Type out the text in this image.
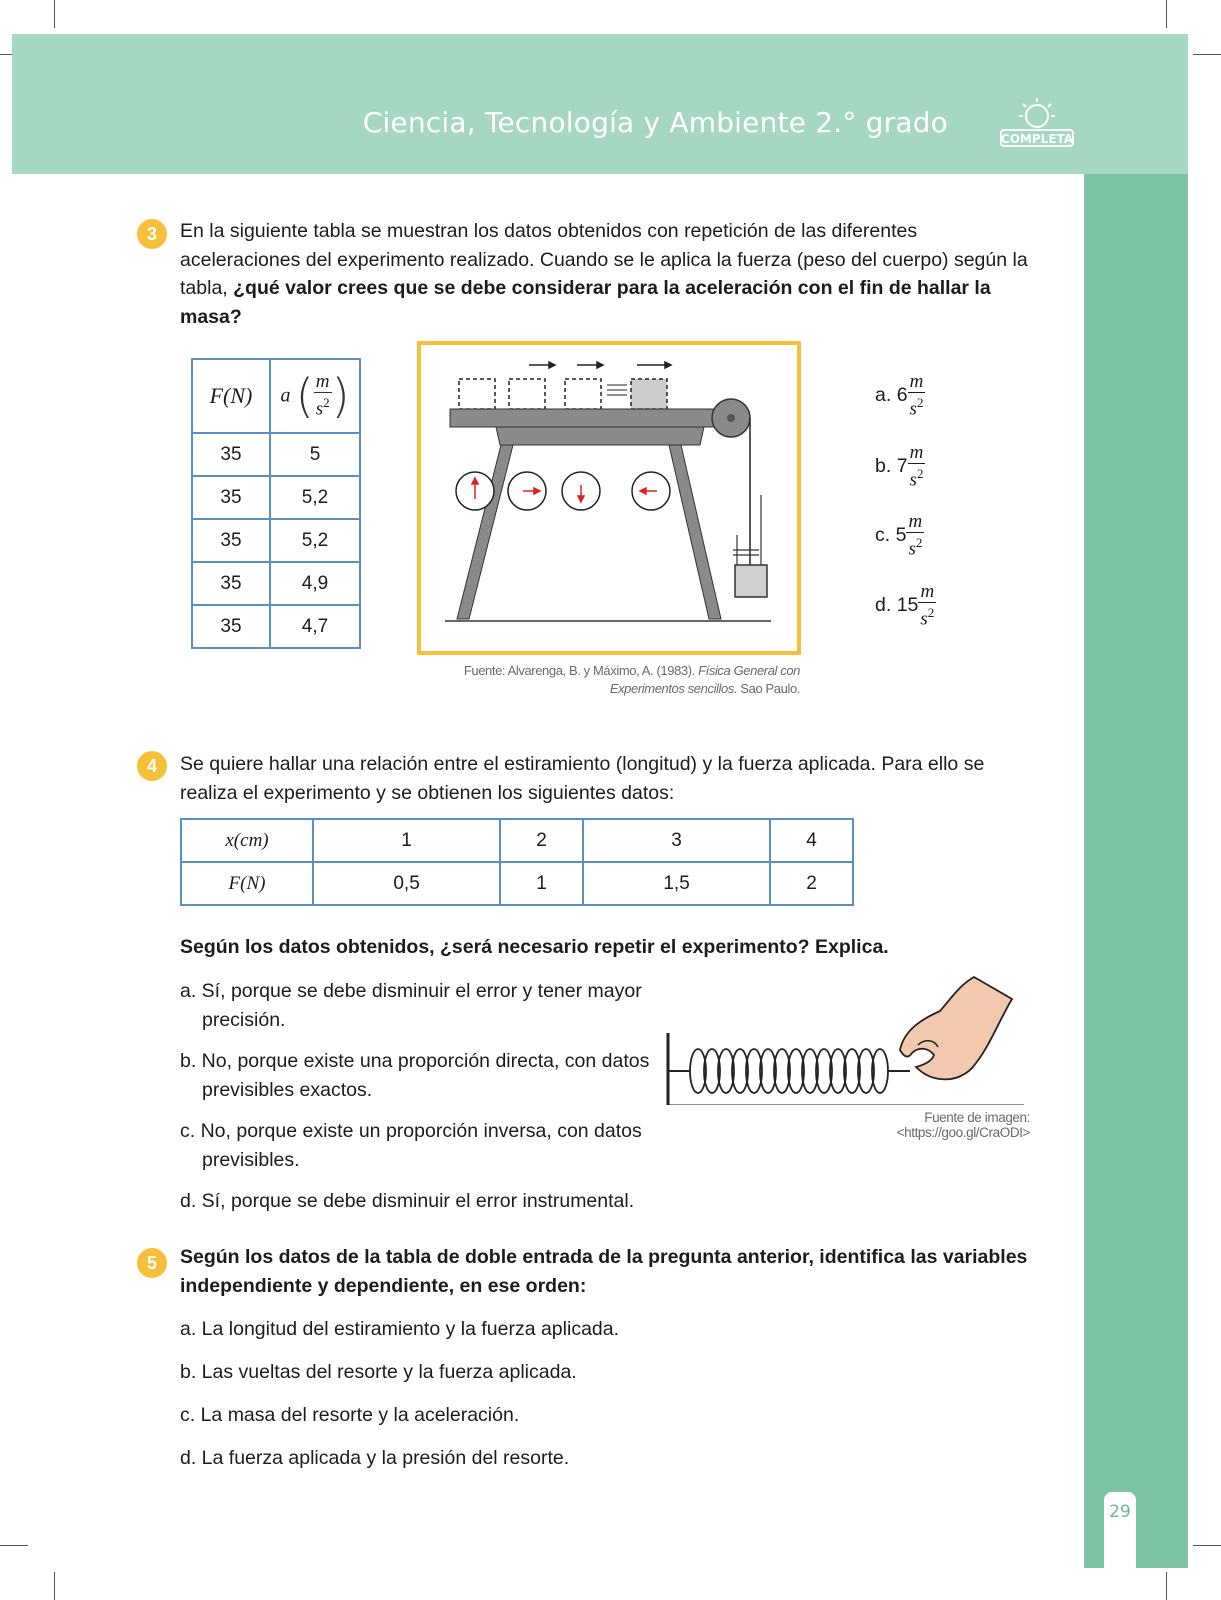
Ciencia, Tecnología y Ambiente 2.° grado	COMPLETA
29
3	En la siguiente tabla se muestran los datos obtenidos con repetición de las diferentes aceleraciones del experimento realizado. Cuando se le aplica la fuerza (peso del cuerpo) según la tabla, ¿qué valor crees que se debe considerar para la aceleración con el fin de hallar la masa?
F(N)	a ( $\frac{m}{s^2}$ )
35	5
35	5,2
35	5,2
35	4,9
35	4,7
Fuente: Alvarenga, B. y Máximo, A. (1983). Física General con Experimentos sencillos. Sao Paulo.
a. $6 \frac{m}{s^2}$
b. $7 \frac{m}{s^2}$
c. $5 \frac{m}{s^2}$
d. $15 \frac{m}{s^2}$
4	Se quiere hallar una relación entre el estiramiento (longitud) y la fuerza aplicada. Para ello se realiza el experimento y se obtienen los siguientes datos:
x(cm)	1	2	3	4
F(N)	0,5	1	1,5	2
Según los datos obtenidos, ¿será necesario repetir el experimento? Explica.
a. Sí, porque se debe disminuir el error y tener mayor
precisión.
b. No, porque existe una proporción directa, con datos
previsibles exactos.
c. No, porque existe un proporción inversa, con datos
previsibles.
d. Sí, porque se debe disminuir el error instrumental.
Fuente de imagen: <https://goo.gl/CraODI>
5	Según los datos de la tabla de doble entrada de la pregunta anterior, identifica las variables independiente y dependiente, en ese orden:
a. La longitud del estiramiento y la fuerza aplicada.
b. Las vueltas del resorte y la fuerza aplicada.
c. La masa del resorte y la aceleración.
d. La fuerza aplicada y la presión del resorte.
